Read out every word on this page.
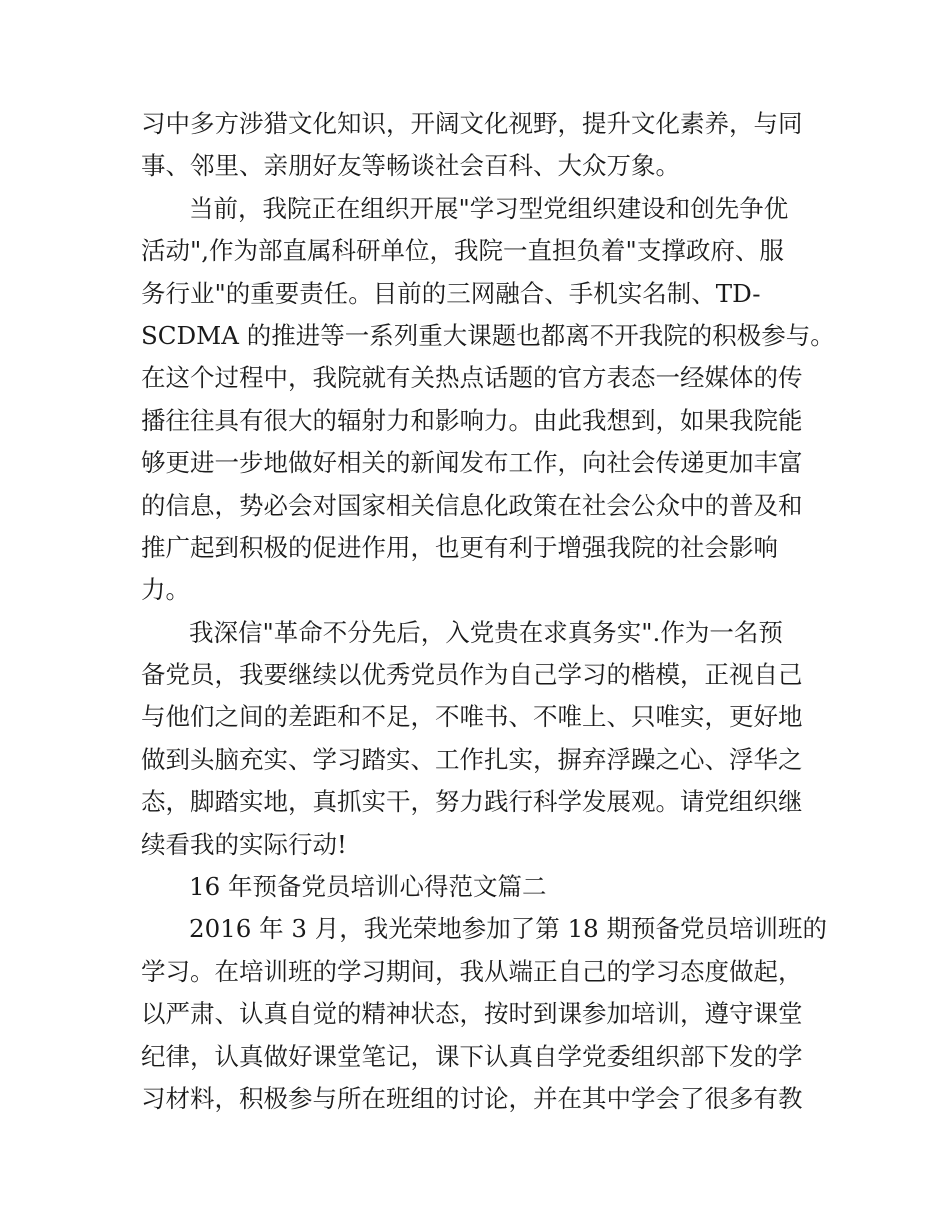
习中多方涉猎文化知识，开阔文化视野，提升文化素养，与同
事、邻里、亲朋好友等畅谈社会百科、大众万象。
当前，我院正在组织开展"学习型党组织建设和创先争优
活动",作为部直属科研单位，我院一直担负着"支撑政府、服
务行业"的重要责任。目前的三网融合、手机实名制、TD-
SCDMA 的推进等一系列重大课题也都离不开我院的积极参与。
在这个过程中，我院就有关热点话题的官方表态一经媒体的传
播往往具有很大的辐射力和影响力。由此我想到，如果我院能
够更进一步地做好相关的新闻发布工作，向社会传递更加丰富
的信息，势必会对国家相关信息化政策在社会公众中的普及和
推广起到积极的促进作用，也更有利于增强我院的社会影响
力。
我深信"革命不分先后，入党贵在求真务实".作为一名预
备党员，我要继续以优秀党员作为自己学习的楷模，正视自己
与他们之间的差距和不足，不唯书、不唯上、只唯实，更好地
做到头脑充实、学习踏实、工作扎实，摒弃浮躁之心、浮华之
态，脚踏实地，真抓实干，努力践行科学发展观。请党组织继
续看我的实际行动!
16 年预备党员培训心得范文篇二
2016 年 3 月，我光荣地参加了第 18 期预备党员培训班的
学习。在培训班的学习期间，我从端正自己的学习态度做起，
以严肃、认真自觉的精神状态，按时到课参加培训，遵守课堂
纪律，认真做好课堂笔记，课下认真自学党委组织部下发的学
习材料，积极参与所在班组的讨论，并在其中学会了很多有教
